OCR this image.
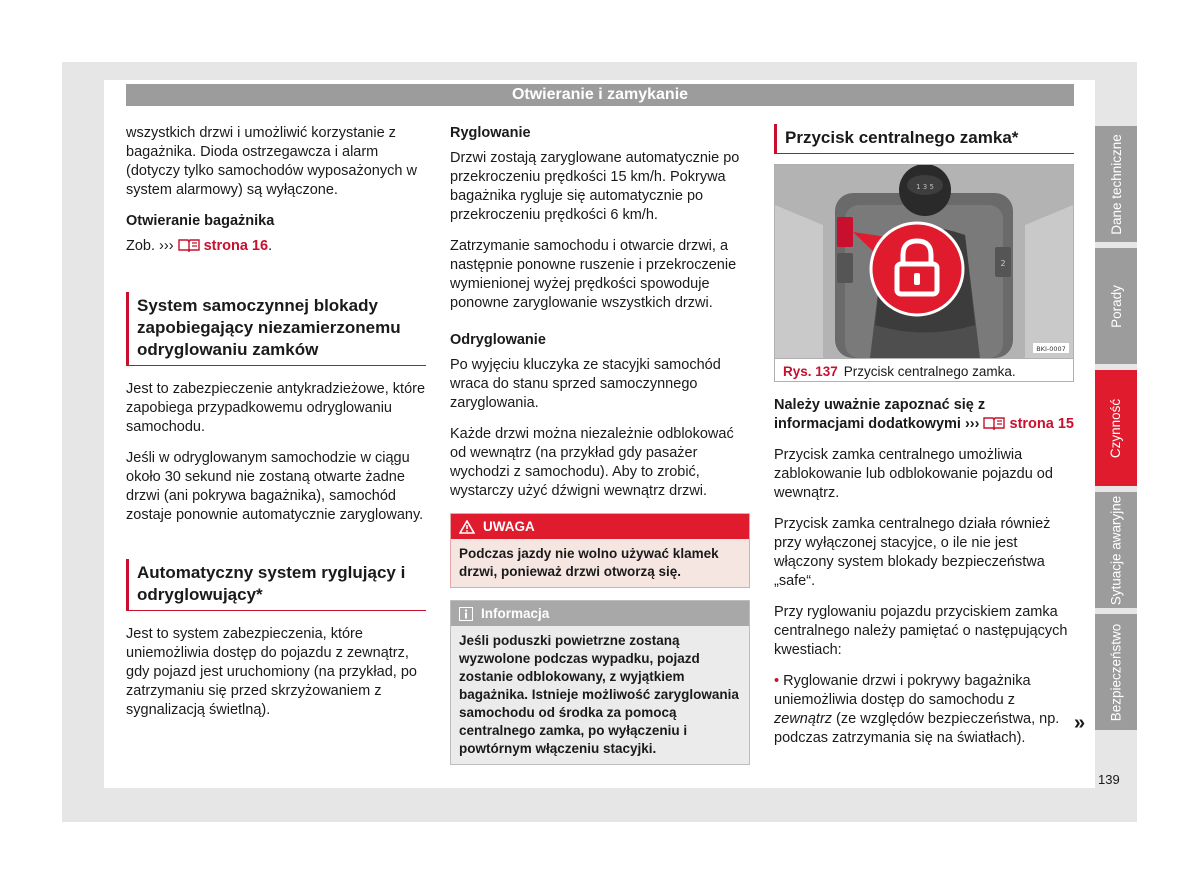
Otwieranie i zamykanie

wszystkich drzwi i umożliwić korzystanie z bagażnika. Dioda ostrzegawcza i alarm (dotyczy tylko samochodów wyposażonych w system alarmowy) są wyłączone.

Otwieranie bagażnika

Zob. ››› strona 16.

System samoczynnej blokady zapobiegający niezamierzonemu odryglowaniu zamków

Jest to zabezpieczenie antykradzieżowe, które zapobiega przypadkowemu odryglowaniu samochodu.

Jeśli w odryglowanym samochodzie w ciągu około 30 sekund nie zostaną otwarte żadne drzwi (ani pokrywa bagażnika), samochód zostaje ponownie automatycznie zaryglowany.

Automatyczny system ryglujący i odryglowujący*

Jest to system zabezpieczenia, które uniemożliwia dostęp do pojazdu z zewnątrz, gdy pojazd jest uruchomiony (na przykład, po zatrzymaniu się przed skrzyżowaniem z sygnalizacją świetlną).

Ryglowanie

Drzwi zostają zaryglowane automatycznie po przekroczeniu prędkości 15 km/h. Pokrywa bagażnika rygluje się automatycznie po przekroczeniu prędkości 6 km/h.

Zatrzymanie samochodu i otwarcie drzwi, a następnie ponowne ruszenie i przekroczenie wymienionej wyżej prędkości spowoduje ponowne zaryglowanie wszystkich drzwi.

Odryglowanie

Po wyjęciu kluczyka ze stacyjki samochód wraca do stanu sprzed samoczynnego zaryglowania.

Każde drzwi można niezależnie odblokować od wewnątrz (na przykład gdy pasażer wychodzi z samochodu). Aby to zrobić, wystarczy użyć dźwigni wewnątrz drzwi.

UWAGA
Podczas jazdy nie wolno używać klamek drzwi, ponieważ drzwi otworzą się.
Informacja
Jeśli poduszki powietrzne zostaną wyzwolone podczas wypadku, pojazd zostanie odblokowany, z wyjątkiem bagażnika. Istnieje możliwość zaryglowania samochodu od środka za pomocą centralnego zamka, po wyłączeniu i powtórnym włączeniu stacyjki.
Przycisk centralnego zamka*
1 3 5
2
BKI-0007
Rys. 137 Przycisk centralnego zamka.

Należy uważnie zapoznać się z informacjami dodatkowymi ››› strona 15

Przycisk zamka centralnego umożliwia zablokowanie lub odblokowanie pojazdu od wewnątrz.

Przycisk zamka centralnego działa również przy wyłączonej stacyjce, o ile nie jest włączony system blokady bezpieczeństwa „safe“.

Przy ryglowaniu pojazdu przyciskiem zamka centralnego należy pamiętać o następujących kwestiach:

• Ryglowanie drzwi i pokrywy bagażnika uniemożliwia dostęp do samochodu z zewnątrz (ze względów bezpieczeństwa, np. podczas zatrzymania się na światłach).

»
Dane techniczne
Porady
Czynność
Sytuacje awaryjne
Bezpieczeństwo
139
